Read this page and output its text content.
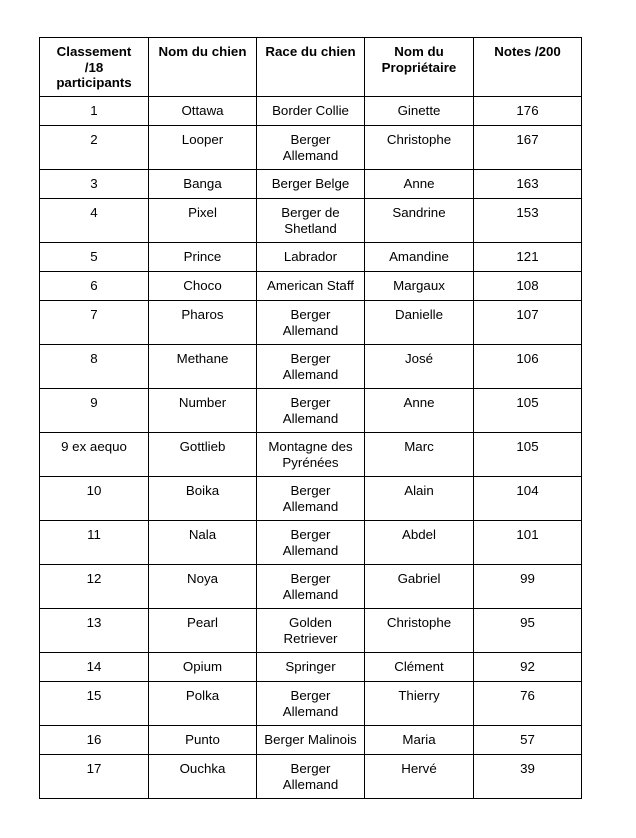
Classement
/18
participants	Nom du chien	Race du chien	Nom du
Propriétaire	Notes /200
1	Ottawa	Border Collie	Ginette	176
2	Looper	Berger
Allemand	Christophe	167
3	Banga	Berger Belge	Anne	163
4	Pixel	Berger de
Shetland	Sandrine	153
5	Prince	Labrador	Amandine	121
6	Choco	American Staff	Margaux	108
7	Pharos	Berger
Allemand	Danielle	107
8	Methane	Berger
Allemand	José	106
9	Number	Berger
Allemand	Anne	105
9 ex aequo	Gottlieb	Montagne des
Pyrénées	Marc	105
10	Boika	Berger
Allemand	Alain	104
11	Nala	Berger
Allemand	Abdel	101
12	Noya	Berger
Allemand	Gabriel	99
13	Pearl	Golden
Retriever	Christophe	95
14	Opium	Springer	Clément	92
15	Polka	Berger
Allemand	Thierry	76
16	Punto	Berger Malinois	Maria	57
17	Ouchka	Berger
Allemand	Hervé	39
